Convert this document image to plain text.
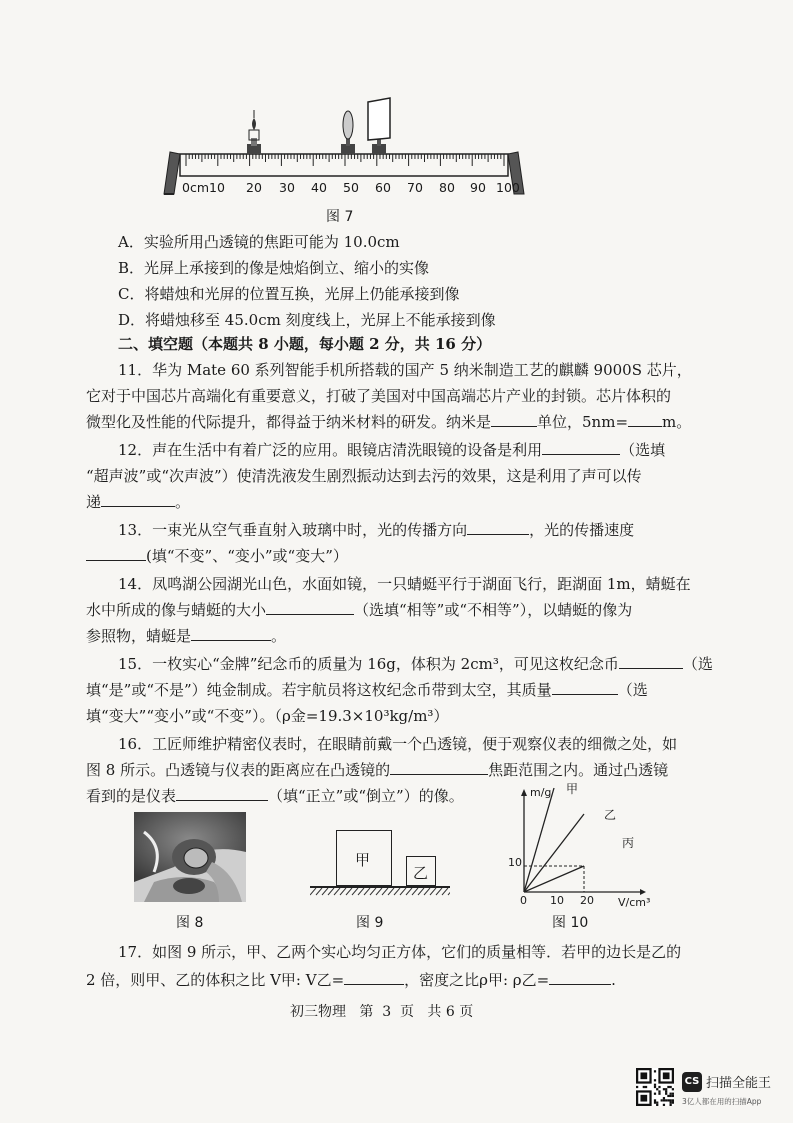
0cm10 20 30 40 50 60 70 80 90 100
图 7
A．实验所用凸透镜的焦距可能为 10.0cm
B．光屏上承接到的像是烛焰倒立、缩小的实像
C．将蜡烛和光屏的位置互换，光屏上仍能承接到像
D．将蜡烛移至 45.0cm 刻度线上，光屏上不能承接到像
二、填空题（本题共 8 小题，每小题 2 分，共 16 分）
11．华为 Mate 60 系列智能手机所搭载的国产 5 纳米制造工艺的麒麟 9000S 芯片，
它对于中国芯片高端化有重要意义，打破了美国对中国高端芯片产业的封锁。芯片体积的
微型化及性能的代际提升，都得益于纳米材料的研发。纳米是	单位，5nm= m。
12．声在生活中有着广泛的应用。眼镜店清洗眼镜的设备是利用	（选填
“超声波”或“次声波”）使清洗液发生剧烈振动达到去污的效果，这是利用了声可以传
递	。
13．一束光从空气垂直射入玻璃中时，光的传播方向	，光的传播速度
(填“不变”、“变小”或“变大”）
14．凤鸣湖公园湖光山色，水面如镜，一只蜻蜓平行于湖面飞行，距湖面 1m，蜻蜓在
水中所成的像与蜻蜓的大小	（选填“相等”或“不相等”），以蜻蜓的像为
参照物，蜻蜓是	。
15．一枚实心“金牌”纪念币的质量为 16g，体积为 2cm³，可见这枚纪念币	（选
填“是”或“不是”）纯金制成。若宇航员将这枚纪念币带到太空，其质量	（选
填“变大”“变小”或“不变”）。（ρ金=19.3×10³kg/m³）
16．工匠师维护精密仪表时，在眼睛前戴一个凸透镜，便于观察仪表的细微之处，如
图 8 所示。凸透镜与仪表的距离应在凸透镜的	焦距范围之内。通过凸透镜
看到的是仪表	（填“正立”或“倒立”）的像。
图 8
甲
乙
图 9
m/g
V/cm³
甲
乙
丙
10
0 10 20
图 10
17．如图 9 所示，甲、乙两个实心均匀正方体，它们的质量相等．若甲的边长是乙的
2 倍，则甲、乙的体积之比 V甲: V乙=	，密度之比ρ甲: ρ乙=	.
初三物理   第  3  页   共 6 页
CS 扫描全能王
3亿人都在用的扫描App
